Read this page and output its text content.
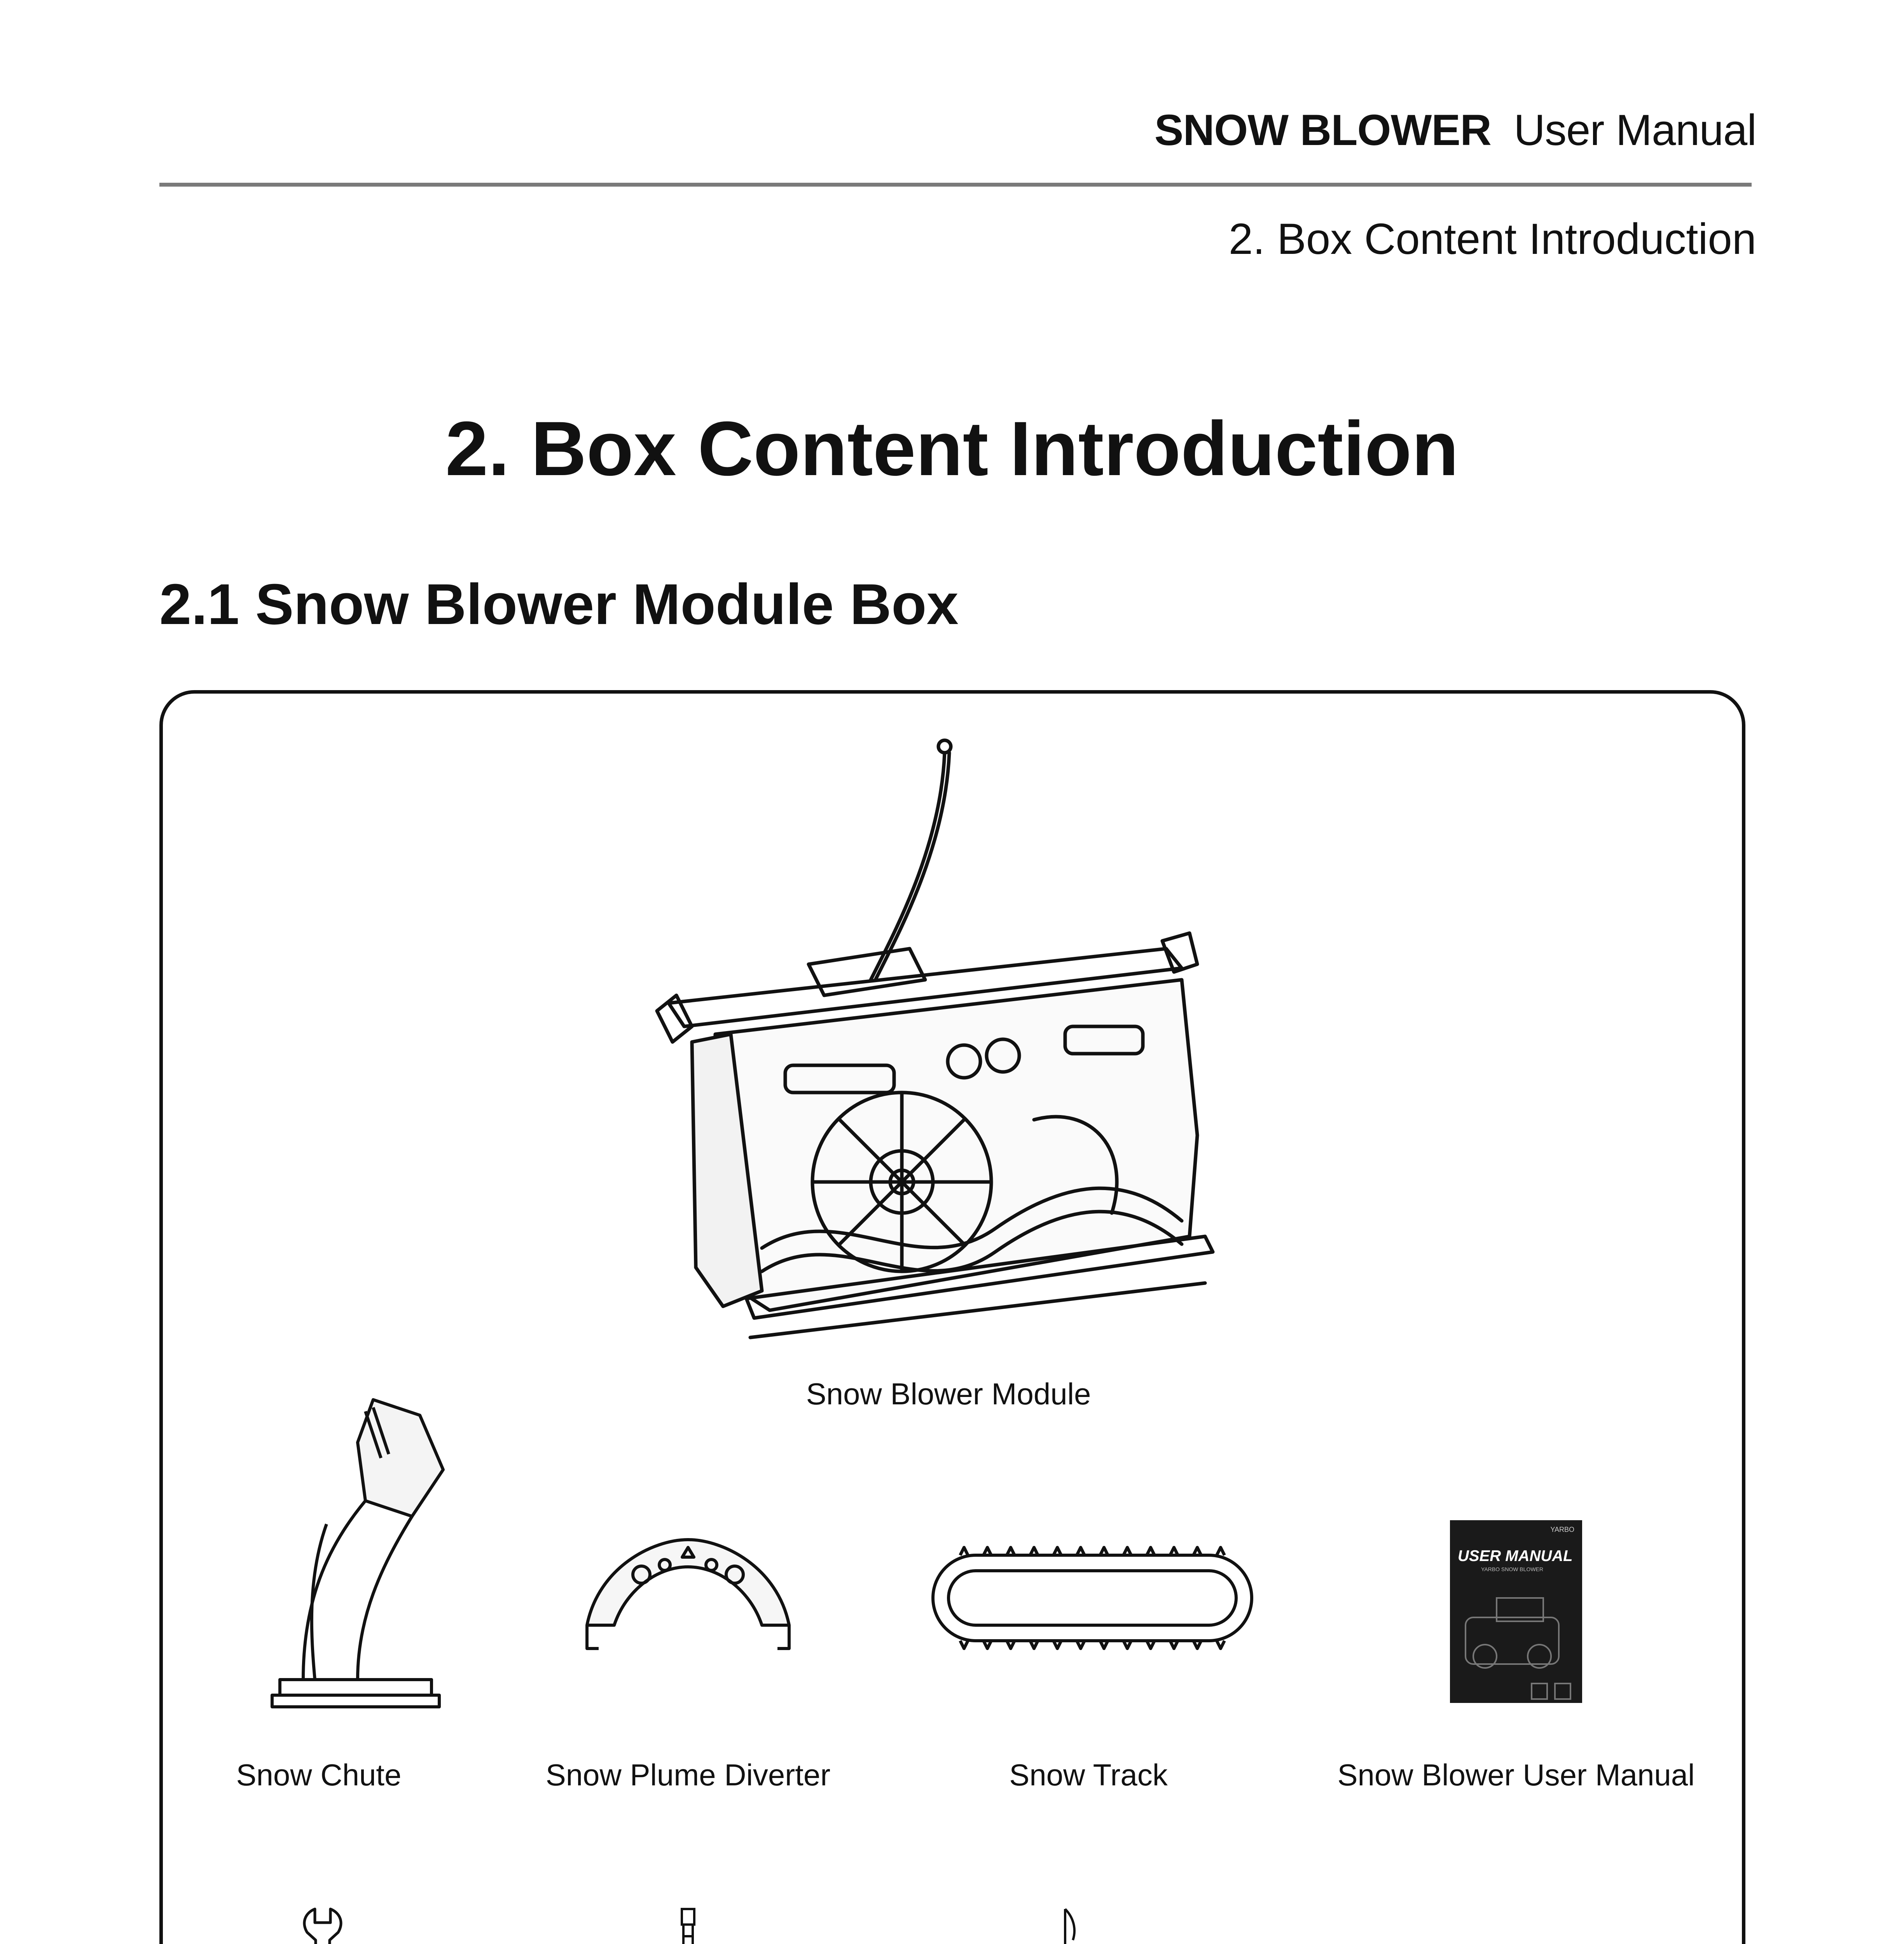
SNOW BLOWER User Manual
2. Box Content Introduction
2. Box Content Introduction
2.1 Snow Blower Module Box
Snow Blower Module
Snow Chute	Snow Plume Diverter	Snow Track
YARBO
USER MANUAL
YARBO SNOW BLOWER
Snow Blower User Manual
